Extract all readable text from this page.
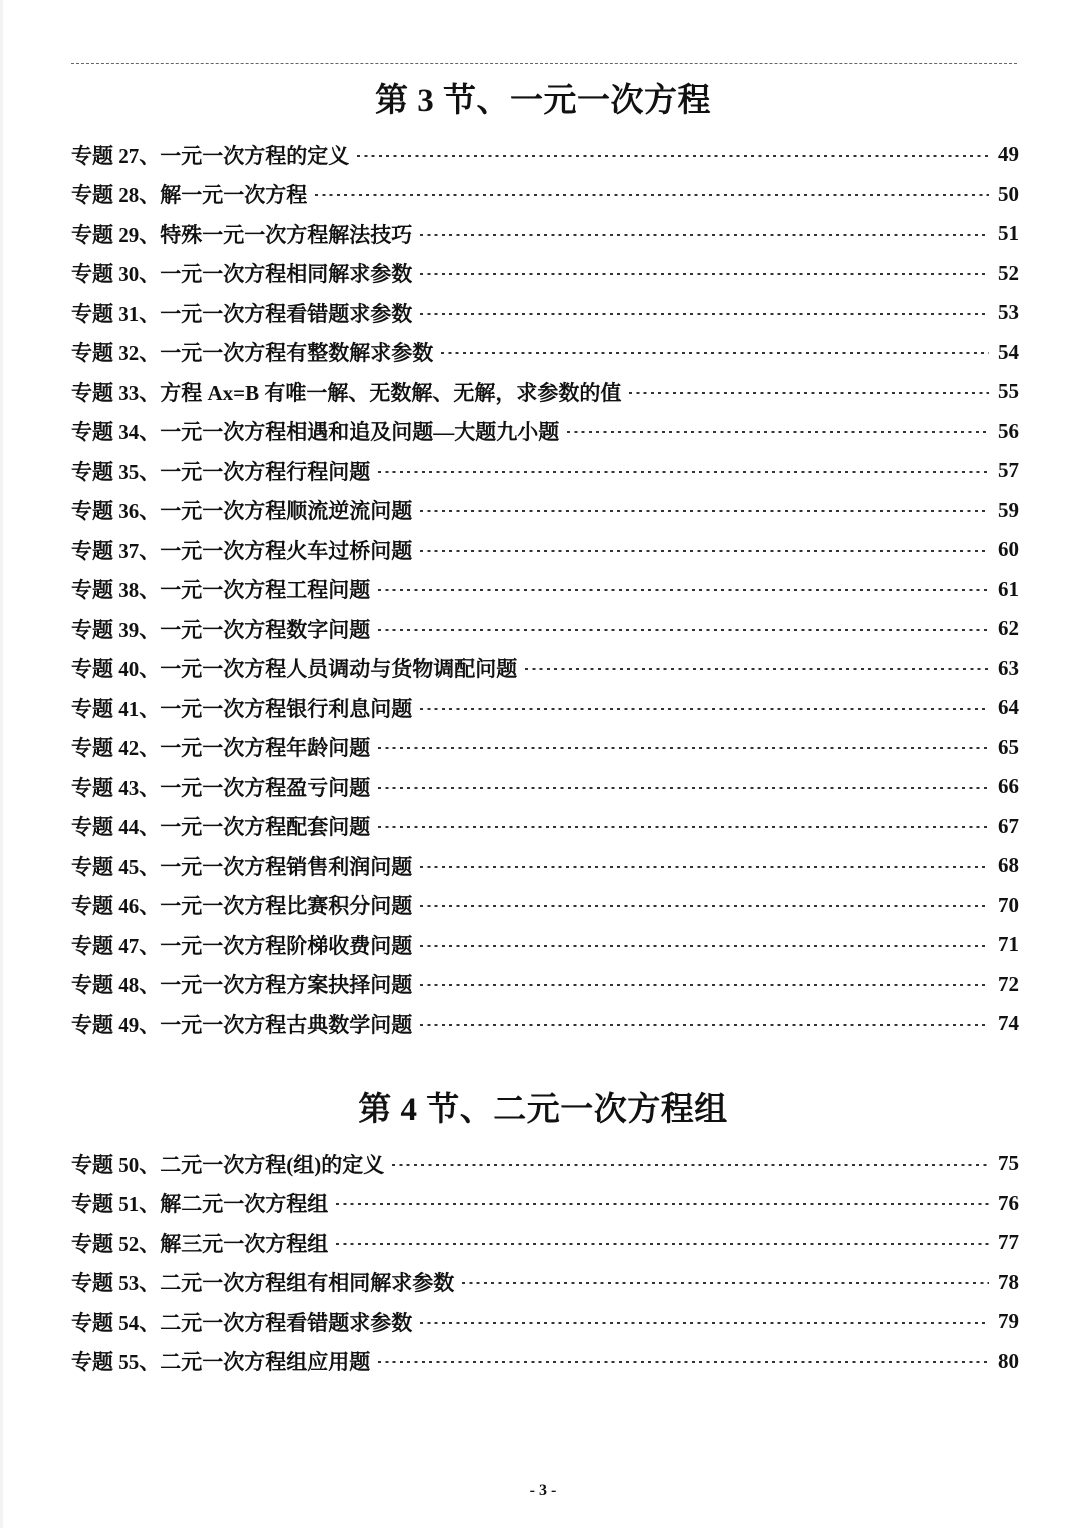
第 3 节、一元一次方程
专题 27、一元一次方程的定义	49
专题 28、解一元一次方程	50
专题 29、特殊一元一次方程解法技巧	51
专题 30、一元一次方程相同解求参数	52
专题 31、一元一次方程看错题求参数	53
专题 32、一元一次方程有整数解求参数	54
专题 33、方程 Ax=B 有唯一解、无数解、无解，求参数的值	55
专题 34、一元一次方程相遇和追及问题—大题九小题	56
专题 35、一元一次方程行程问题	57
专题 36、一元一次方程顺流逆流问题	59
专题 37、一元一次方程火车过桥问题	60
专题 38、一元一次方程工程问题	61
专题 39、一元一次方程数字问题	62
专题 40、一元一次方程人员调动与货物调配问题	63
专题 41、一元一次方程银行利息问题	64
专题 42、一元一次方程年龄问题	65
专题 43、一元一次方程盈亏问题	66
专题 44、一元一次方程配套问题	67
专题 45、一元一次方程销售利润问题	68
专题 46、一元一次方程比赛积分问题	70
专题 47、一元一次方程阶梯收费问题	71
专题 48、一元一次方程方案抉择问题	72
专题 49、一元一次方程古典数学问题	74
第 4 节、二元一次方程组
专题 50、二元一次方程(组)的定义	75
专题 51、解二元一次方程组	76
专题 52、解三元一次方程组	77
专题 53、二元一次方程组有相同解求参数	78
专题 54、二元一次方程看错题求参数	79
专题 55、二元一次方程组应用题	80
- 3 -
